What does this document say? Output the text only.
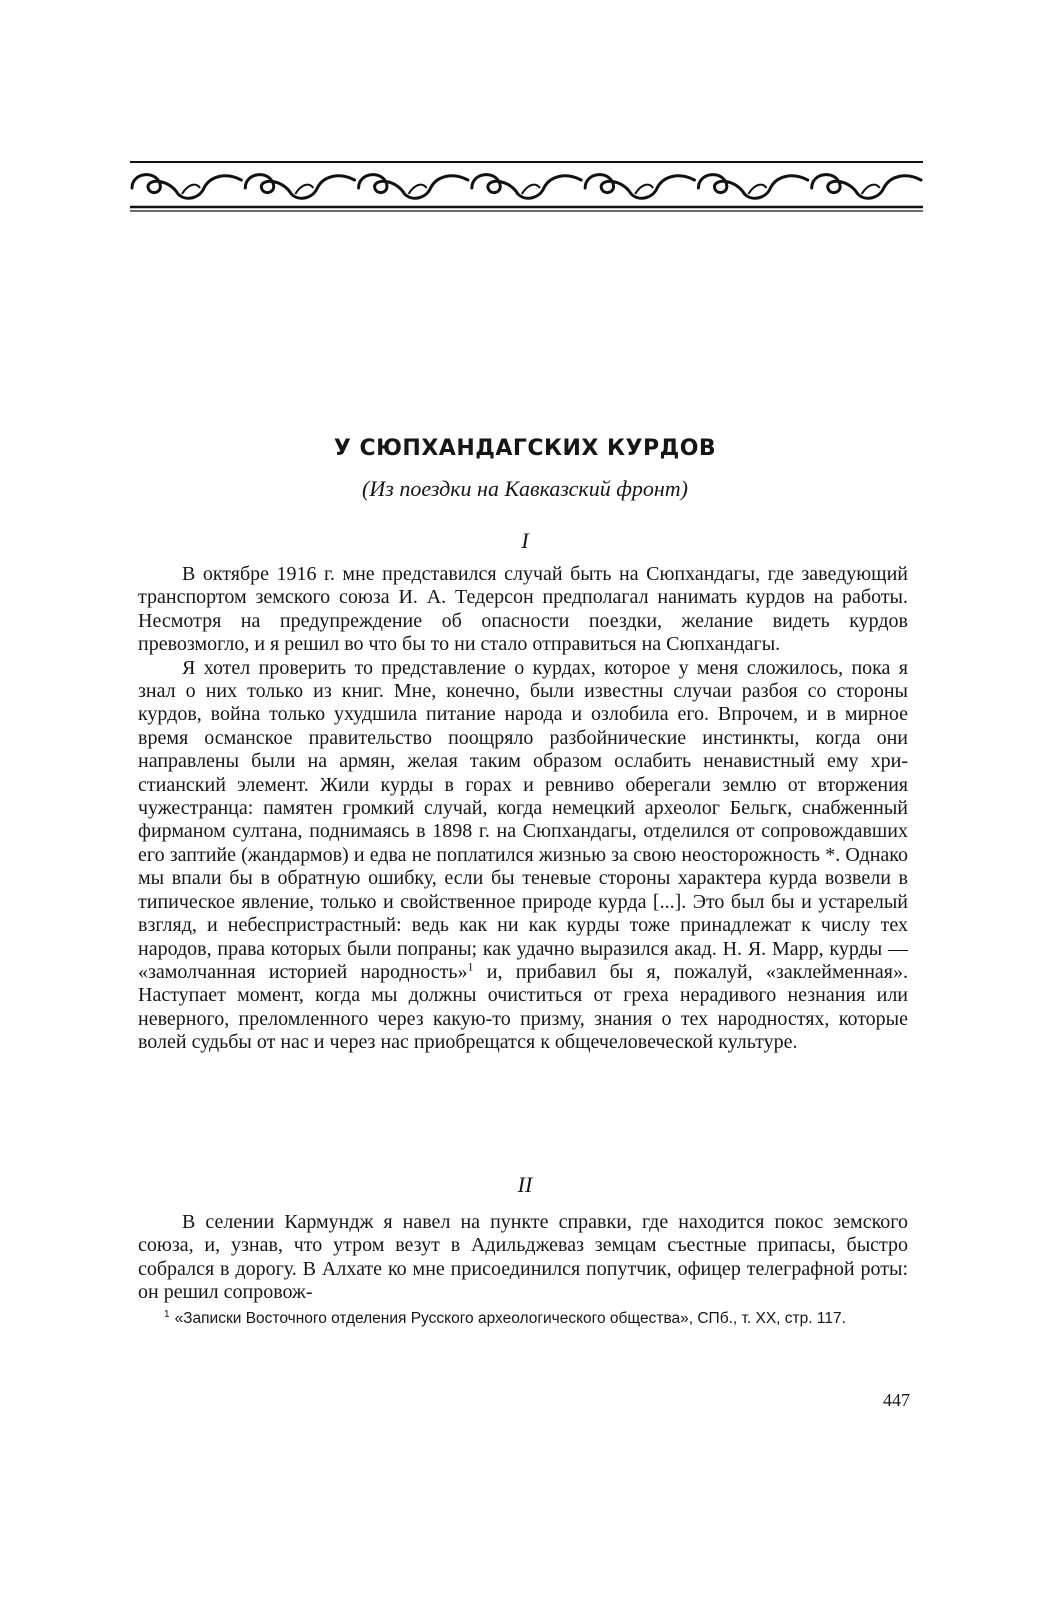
У СЮПХАНДАГСКИХ КУРДОВ
(Из поездки на Кавказский фронт)
I

В октябре 1916 г. мне представился случай быть на Сюпхандагы, где заведующий транспортом земского союза И. А. Тедерсон предполагал нанимать курдов на работы. Несмотря на предупреждение об опасности поездки, желание видеть курдов превозмогло, и я решил во что бы то ни стало отправиться на Сюпхандагы.

Я хотел проверить то представление о курдах, которое у меня сложилось, пока я знал о них только из книг. Мне, конечно, были известны случаи разбоя со стороны курдов, война только ухудшила питание народа и озлобила его. Впрочем, и в мирное время османское правительство поощряло разбойнические инстинкты, когда они направлены были на армян, желая таким образом ослабить ненавистный ему христианский элемент. Жили курды в горах и ревниво оберегали землю от вторжения чужестранца: памятен громкий случай, когда немецкий археолог Бельгк, снабженный фирманом султана, поднимаясь в 1898 г. на Сюпхандагы, отделился от сопровождавших его заптийе (жандармов) и едва не поплатился жизнью за свою неосторожность *. Однако мы впали бы в обратную ошибку, если бы теневые стороны характера курда возвели в типическое явление, только и свойственное природе курда [...]. Это был бы и устарелый взгляд, и небеспристрастный: ведь как ни как курды тоже принадлежат к числу тех народов, права которых были попраны; как удачно выразился акад. Н. Я. Марр, курды — «замолчанная историей народность»$^1$ и, прибавил бы я, пожалуй, «заклейменная». Наступает момент, когда мы должны очиститься от греха нерадивого незнания или неверного, преломленного через какую-то призму, знания о тех народностях, которые волей судьбы от нас и через нас приобрещатся к общечеловеческой культуре.

II

В селении Кармундж я навел на пункте справки, где находится покос земского союза, и, узнав, что утром везут в Адильджеваз земцам съестные припасы, быстро собрался в дорогу. В Алхате ко мне присоединился попутчик, офицер телеграфной роты: он решил сопровож-

$^1$ «Записки Восточного отделения Русского археологического общества», СПб., т. XX, стр. 117.

447
